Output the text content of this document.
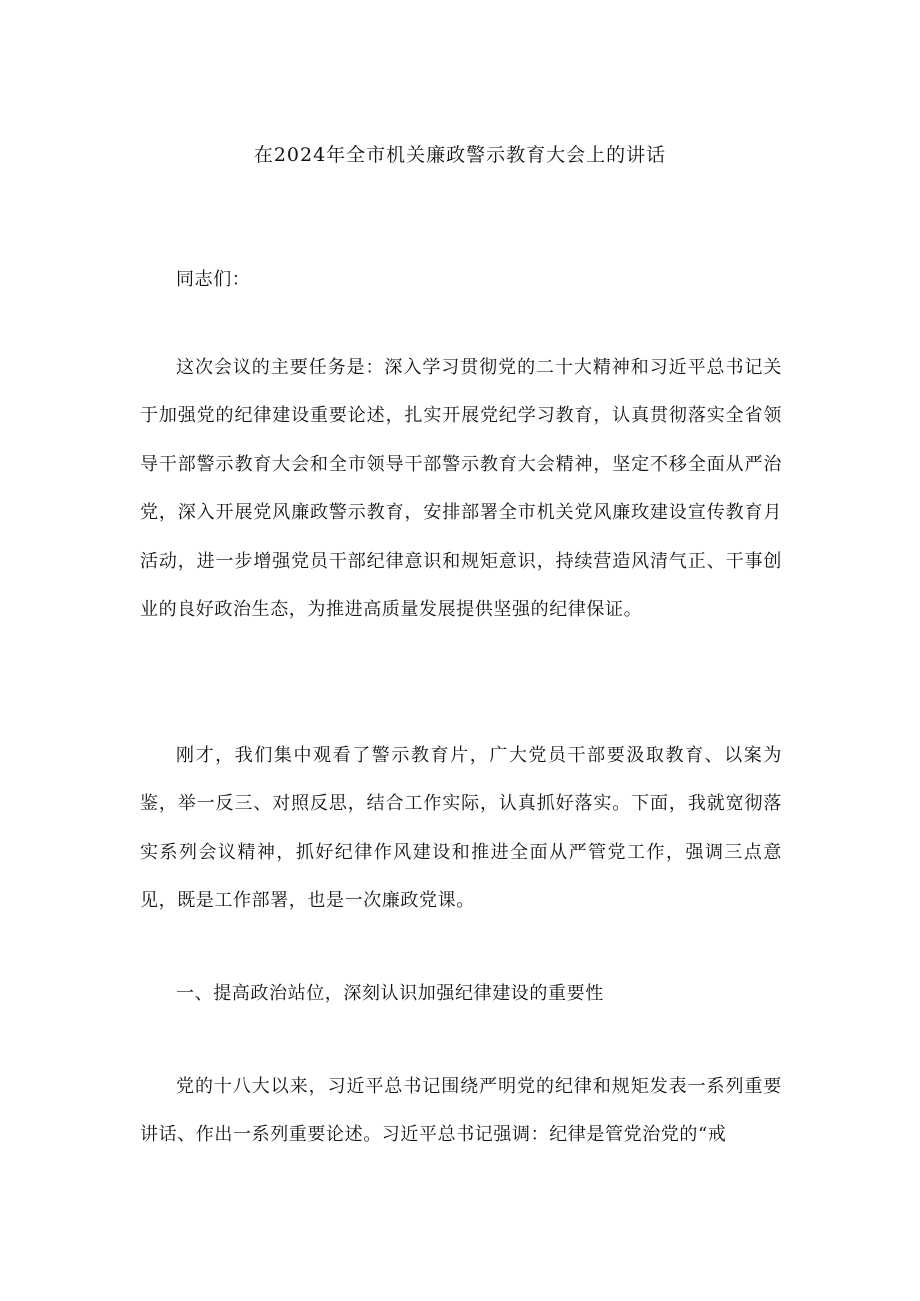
在2024年全市机关廉政警示教育大会上的讲话

同志们：

这次会议的主要任务是：深入学习贯彻党的二十大精神和习近平总书记关于加强党的纪律建设重要论述，扎实开展党纪学习教育，认真贯彻落实全省领导干部警示教育大会和全市领导干部警示教育大会精神，坚定不移全面从严治党，深入开展党风廉政警示教育，安排部署全市机关党风廉玫建设宣传教育月活动，进一步增强党员干部纪律意识和规矩意识，持续营造风清气正、干事创业的良好政治生态，为推进高质量发展提供坚强的纪律保证。

刚才，我们集中观看了警示教育片，广大党员干部要汲取教育、以案为鉴，举一反三、对照反思，结合工作实际，认真抓好落实。下面，我就宽彻落实系列会议精神，抓好纪律作风建设和推进全面从严管党工作，强调三点意见，既是工作部署，也是一次廉政党课。

一、提高政治站位，深刻认识加强纪律建设的重要性

党的十八大以来，习近平总书记围绕严明党的纪律和规矩发表一系列重要讲话、作出一系列重要论述。习近平总书记强调：纪律是管党治党的“戒
